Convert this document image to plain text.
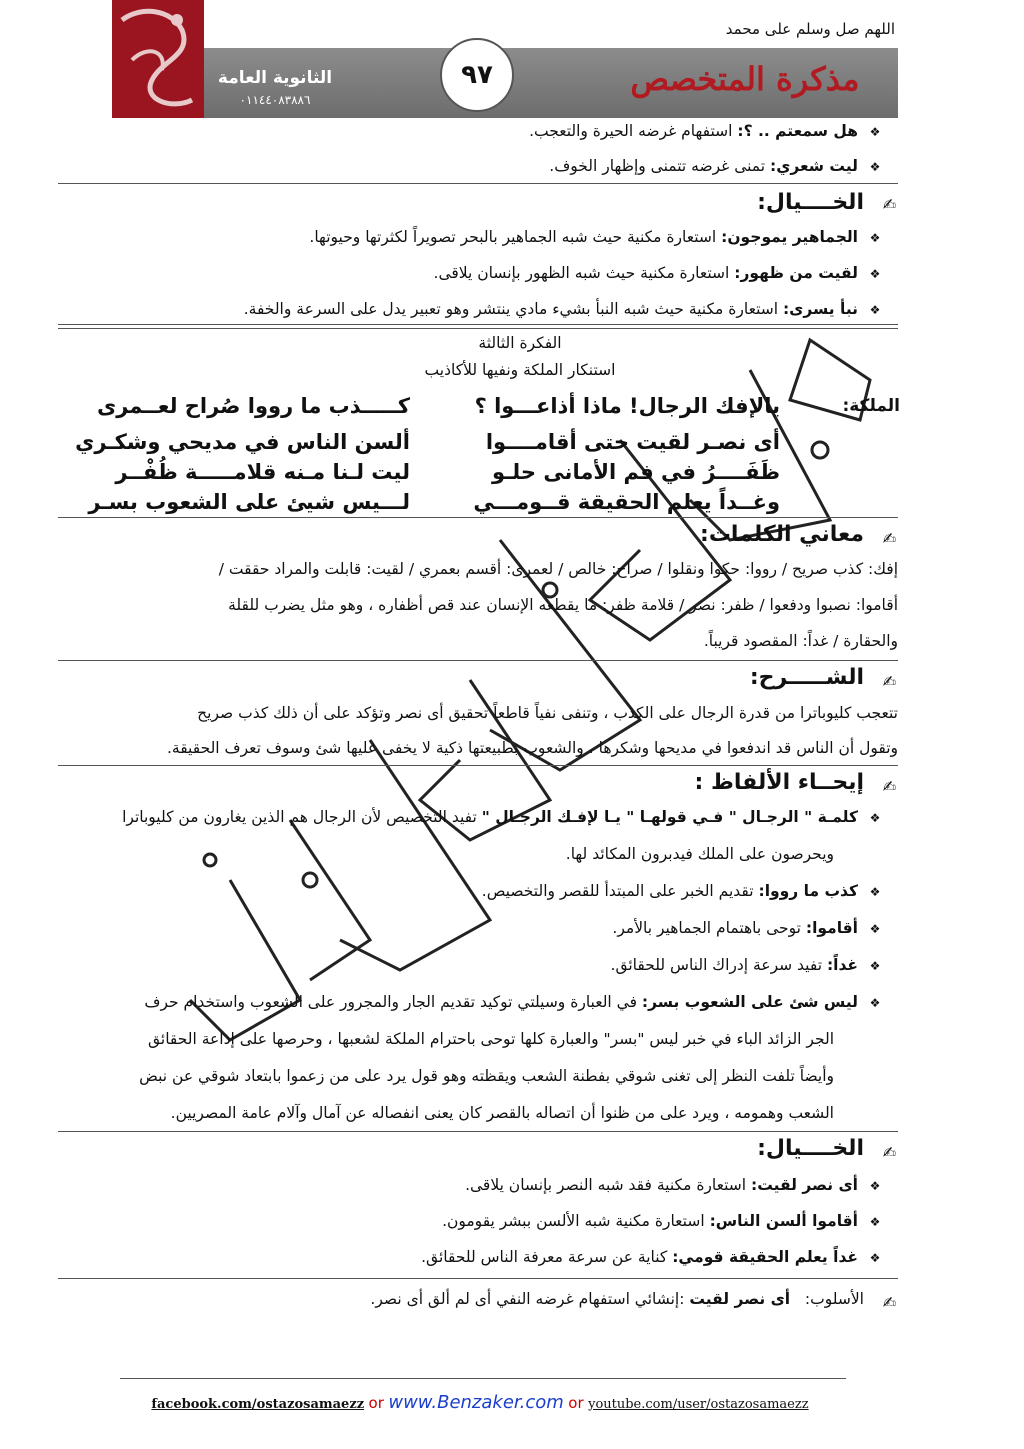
اللهم صل وسلم على محمد
الثانوية العامة
٠١١٤٤٠٨٣٨٨٦
٩٧	مذكرة المتخصص
❖هل سمعتم .. ؟: استفهام غرضه الحيرة والتعجب.
❖ليت شعري: تمنى غرضه تتمنى وإظهار الخوف.
✍
الخــــيال:
❖الجماهير يموجون: استعارة مكنية حيث شبه الجماهير بالبحر تصويراً لكثرتها وحيوتها.
❖لقيت من ظهور: استعارة مكنية حيث شبه الظهور بإنسان يلاقى.
❖نبأ يسرى: استعارة مكنية حيث شبه النبأ بشيء مادي ينتشر وهو تعبير يدل على السرعة والخفة.
الفكرة الثالثة
استنكار الملكة ونفيها للأكاذيب
الملكة:
يالإفك الرجال! ماذا أذاعـــوا ؟
كـــــذب ما رووا صُراح لعــمرى
أى نصـر لقيت حتى أقامــــوا
ألسن الناس في مديحي وشكـري
ظَفَــــرُ في فم الأمانى حلـو
ليت لـنا مـنه قلامـــــة ظُفْــر
وغــداً يعلم الحقيقة قــومـــي
لـــيس شيئ على الشعوب بسـر
✍
معاني الكلمات:
إفك: كذب صريح / رووا: حكوا ونقلوا / صراح: خالص / لعمرى: أقسم بعمري / لقيت: قابلت والمراد حققت /
أقاموا: نصبوا ودفعوا / ظفر: نصر / قلامة ظفر: ما يقطعه الإنسان عند قص أظفاره ، وهو مثل يضرب للقلة
والحقارة / غداً: المقصود قريباً.
✍
الشـــــرح:
تتعجب كليوباترا من قدرة الرجال على الكذب ، وتنفى نفياً قاطعاً تحقيق أى نصر وتؤكد على أن ذلك كذب صريح
وتقول أن الناس قد اندفعوا في مديحها وشكرها ، والشعوب بطبيعتها ذكية لا يخفى عليها شئ وسوف تعرف الحقيقة.
✍
إيحــاء الألفاظ :
❖كلمـة " الرجـال " فـي قولهـا " يـا لإفـك الرجـال " تفيد التخصيص لأن الرجال هم الذين يغارون من كليوباترا
ويحرصون على الملك فيدبرون المكائد لها.
❖كذب ما رووا: تقديم الخبر على المبتدأ للقصر والتخصيص.
❖أقاموا: توحى باهتمام الجماهير بالأمر.
❖غداً: تفيد سرعة إدراك الناس للحقائق.
❖ليس شئ على الشعوب بسر: في العبارة وسيلتي توكيد تقديم الجار والمجرور على الشعوب واستخدام حرف
الجر الزائد الباء في خبر ليس "بسر" والعبارة كلها توحى باحترام الملكة لشعبها ، وحرصها على إذاعة الحقائق
وأيضاً تلفت النظر إلى تغنى شوقي بفطنة الشعب ويقظته وهو قول يرد على من زعموا بابتعاد شوقي عن نبض
الشعب وهمومه ، ويرد على من ظنوا أن اتصاله بالقصر كان يعنى انفصاله عن آمال وآلام عامة المصريين.
✍
الخــــيال:
❖أى نصر لقيت: استعارة مكنية فقد شبه النصر بإنسان يلاقى.
❖أقاموا ألسن الناس: استعارة مكنية شبه الألسن ببشر يقومون.
❖غداً يعلم الحقيقة قومي: كناية عن سرعة معرفة الناس للحقائق.
✍
الأسلوب:   أى نصر لقيت :إنشائي استفهام غرضه النفي أى لم ألق أى نصر.
facebook.com/ostazosamaezz or www.Benzaker.com or youtube.com/user/ostazosamaezz
